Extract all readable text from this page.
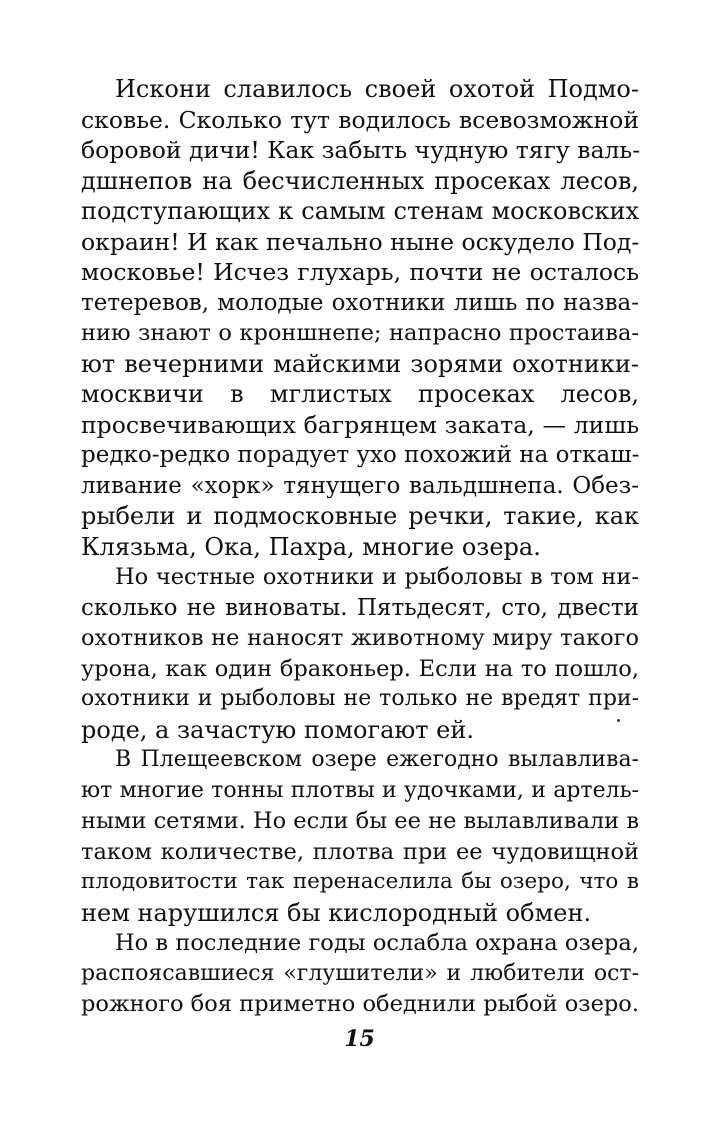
Искони славилось своей охотой Подмо-
сковье. Сколько тут водилось всевозможной
боровой дичи! Как забыть чудную тягу валь-
дшнепов на бесчисленных просеках лесов,
подступающих к самым стенам московских
окраин! И как печально ныне оскудело Под-
московье! Исчез глухарь, почти не осталось
тетеревов, молодые охотники лишь по назва-
нию знают о кроншнепе; напрасно простаива-
ют вечерними майскими зорями охотники-
москвичи в мглистых просеках лесов,
просвечивающих багрянцем заката, — лишь
редко-редко порадует ухо похожий на откаш-
ливание «хорк» тянущего вальдшнепа. Обез-
рыбели и подмосковные речки, такие, как
Клязьма, Ока, Пахра, многие озера.

Но честные охотники и рыболовы в том ни-
сколько не виноваты. Пятьдесят, сто, двести
охотников не наносят животному миру такого
урона, как один браконьер. Если на то пошло,
охотники и рыболовы не только не вредят при-
роде, а зачастую помогают ей.

В Плещеевском озере ежегодно вылавлива-
ют многие тонны плотвы и удочками, и артель-
ными сетями. Но если бы ее не вылавливали в
таком количестве, плотва при ее чудовищной
плодовитости так перенаселила бы озеро, что в
нем нарушился бы кислородный обмен.

Но в последние годы ослабла охрана озера,
распоясавшиеся «глушители» и любители ост-
рожного боя приметно обеднили рыбой озеро.

15
